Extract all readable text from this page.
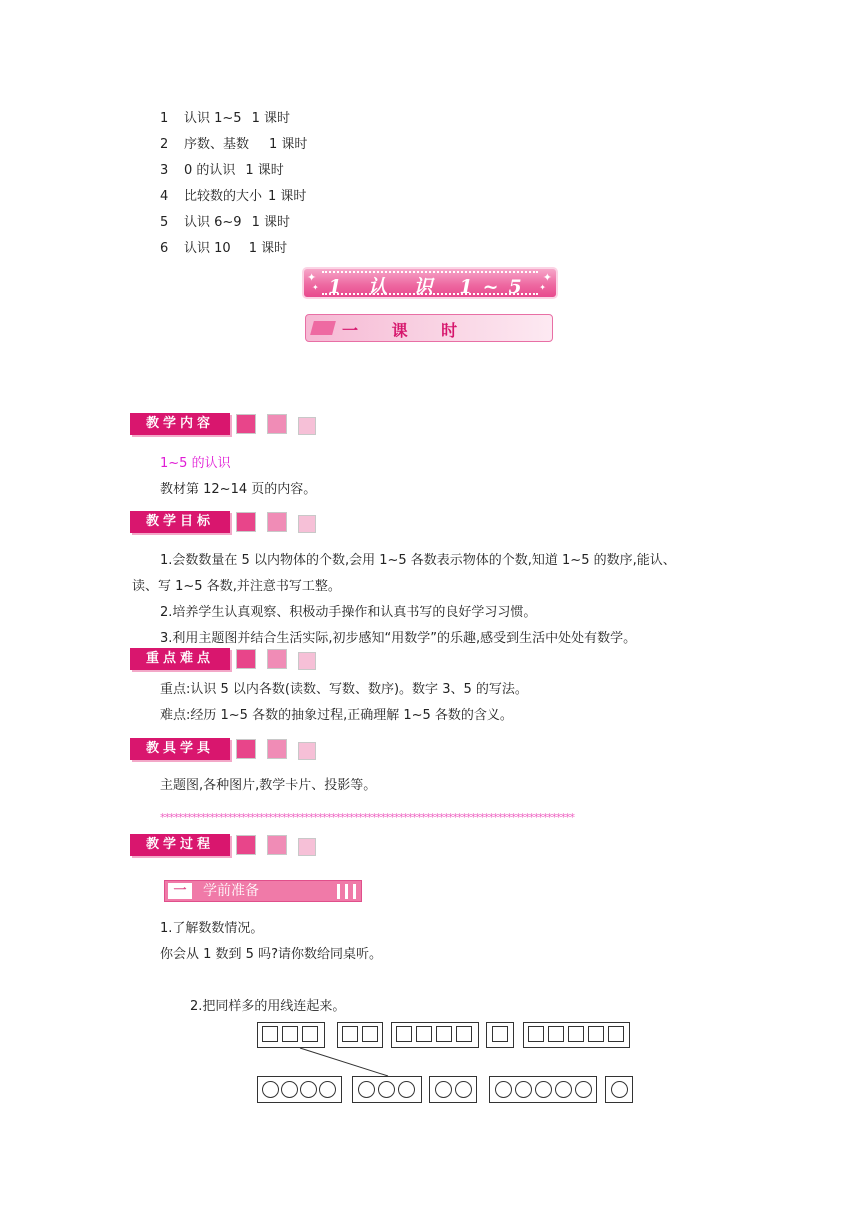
1 认识 1~5 1 课时
2 序数、基数 1 课时
3 0 的认识 1 课时
4 比较数的大小 1 课时
5 认识 6~9 1 课时
6 认识 10 1 课时
✦
✦
✦
✦
1 认 识 1~5
一 课 时
教学内容
1~5 的认识
教材第 12~14 页的内容。
教学目标
1.会数数量在 5 以内物体的个数,会用 1~5 各数表示物体的个数,知道 1~5 的数序,能认、
读、写 1~5 各数,并注意书写工整。
2.培养学生认真观察、积极动手操作和认真书写的良好学习习惯。
3.利用主题图并结合生活实际,初步感知“用数学”的乐趣,感受到生活中处处有数学。
重点难点
重点:认识 5 以内各数(读数、写数、数序)。数字 3、5 的写法。
难点:经历 1~5 各数的抽象过程,正确理解 1~5 各数的含义。
教具学具
主题图,各种图片,教学卡片、投影等。
********************************************************************************************
教学过程
一	学前准备
1.了解数数情况。
你会从 1 数到 5 吗?请你数给同桌听。
2.把同样多的用线连起来。
